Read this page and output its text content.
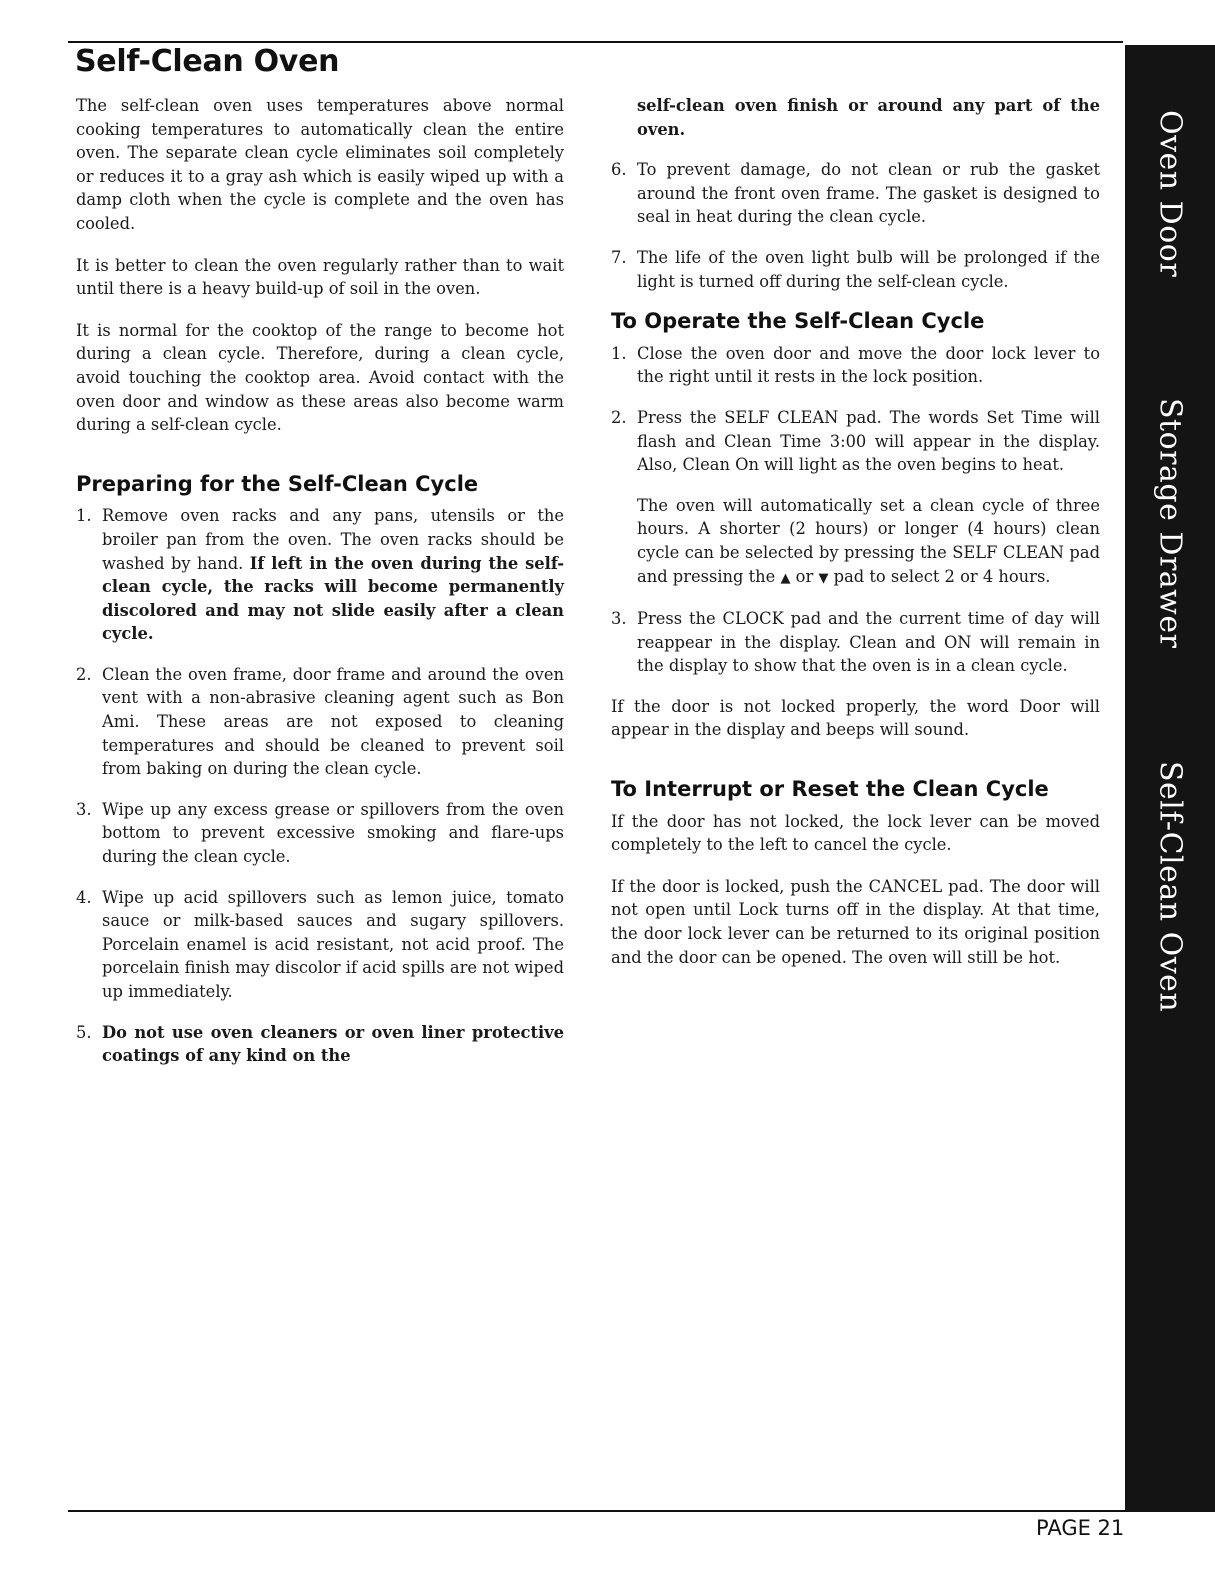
Oven Door
Storage Drawer
Self-Clean Oven
Self-Clean Oven

The self-clean oven uses temperatures above normal cooking temperatures to automatically clean the entire oven. The separate clean cycle eliminates soil completely or reduces it to a gray ash which is easily wiped up with a damp cloth when the cycle is complete and the oven has cooled.

It is better to clean the oven regularly rather than to wait until there is a heavy build-up of soil in the oven.

It is normal for the cooktop of the range to become hot during a clean cycle. Therefore, during a clean cycle, avoid touching the cooktop area. Avoid contact with the oven door and window as these areas also become warm during a self-clean cycle.

Preparing for the Self-Clean Cycle
1. Remove oven racks and any pans, utensils or the broiler pan from the oven. The oven racks should be washed by hand. If left in the oven during the self-clean cycle, the racks will become permanently discolored and may not slide easily after a clean cycle.
2. Clean the oven frame, door frame and around the oven vent with a non-abrasive cleaning agent such as Bon Ami. These areas are not exposed to cleaning temperatures and should be cleaned to prevent soil from baking on during the clean cycle.
3. Wipe up any excess grease or spillovers from the oven bottom to prevent excessive smoking and flare-ups during the clean cycle.
4. Wipe up acid spillovers such as lemon juice, tomato sauce or milk-based sauces and sugary spillovers. Porcelain enamel is acid resistant, not acid proof. The porcelain finish may discolor if acid spills are not wiped up immediately.
5. Do not use oven cleaners or oven liner protective coatings of any kind on the
self-clean oven finish or around any part of the oven.
6. To prevent damage, do not clean or rub the gasket around the front oven frame. The gasket is designed to seal in heat during the clean cycle.
7. The life of the oven light bulb will be prolonged if the light is turned off during the self-clean cycle.
To Operate the Self-Clean Cycle
1. Close the oven door and move the door lock lever to the right until it rests in the lock position.
2. Press the SELF CLEAN pad. The words Set Time will flash and Clean Time 3:00 will appear in the display. Also, Clean On will light as the oven begins to heat.
The oven will automatically set a clean cycle of three hours. A shorter (2 hours) or longer (4 hours) clean cycle can be selected by pressing the SELF CLEAN pad and pressing the ▲ or ▼ pad to select 2 or 4 hours.
3. Press the CLOCK pad and the current time of day will reappear in the display. Clean and ON will remain in the display to show that the oven is in a clean cycle.

If the door is not locked properly, the word Door will appear in the display and beeps will sound.

To Interrupt or Reset the Clean Cycle

If the door has not locked, the lock lever can be moved completely to the left to cancel the cycle.

If the door is locked, push the CANCEL pad. The door will not open until Lock turns off in the display. At that time, the door lock lever can be returned to its original position and the door can be opened. The oven will still be hot.

PAGE 21
